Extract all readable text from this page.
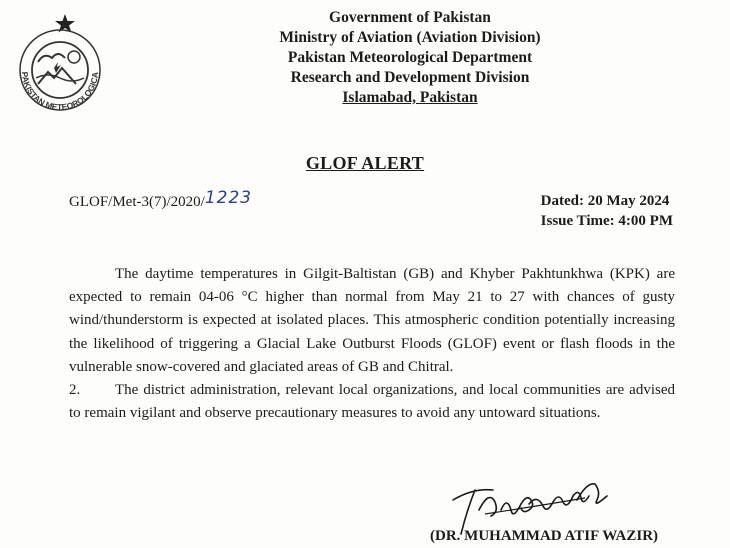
PAKISTAN METEOROLOGICA
Government of Pakistan
Ministry of Aviation (Aviation Division)
Pakistan Meteorological Department
Research and Development Division
Islamabad, Pakistan
GLOF ALERT
GLOF/Met-3(7)/2020/1223	Dated: 20 May 2024
Issue Time: 4:00 PM

The daytime temperatures in Gilgit-Baltistan (GB) and Khyber Pakhtunkhwa (KPK) are expected to remain 04-06 °C higher than normal from May 21 to 27 with chances of gusty wind/thunderstorm is expected at isolated places. This atmospheric condition potentially increasing the likelihood of triggering a Glacial Lake Outburst Floods (GLOF) event or flash floods in the vulnerable snow-covered and glaciated areas of GB and Chitral.

2. The district administration, relevant local organizations, and local communities are advised to remain vigilant and observe precautionary measures to avoid any untoward situations.

(DR. MUHAMMAD ATIF WAZIR)
